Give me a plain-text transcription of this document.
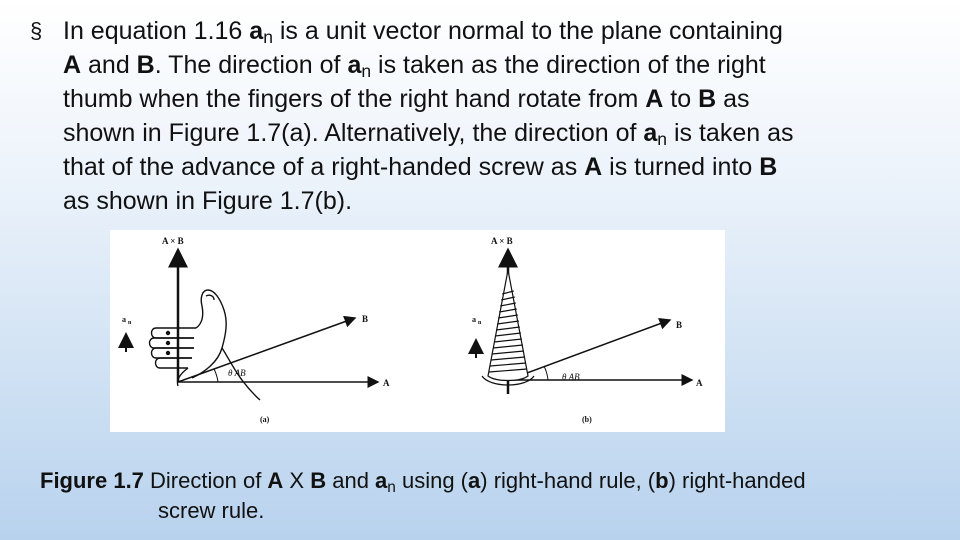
§ In equation 1.16 $a_n$ is a unit vector normal to the plane containing
A and B. The direction of $a_n$ is taken as the direction of the right
thumb when the fingers of the right hand rotate from A to B as
shown in Figure 1.7(a). Alternatively, the direction of $a_n$ is taken as
that of the advance of a right-handed screw as A is turned into B
as shown in Figure 1.7(b).
A × B
B
A
θ AB
a n
(a)
A × B
B
A
θ AB
a n
(b)
Figure 1.7 Direction of A X B and $a_n$ using (a) right-hand rule, (b) right-handed
screw rule.
